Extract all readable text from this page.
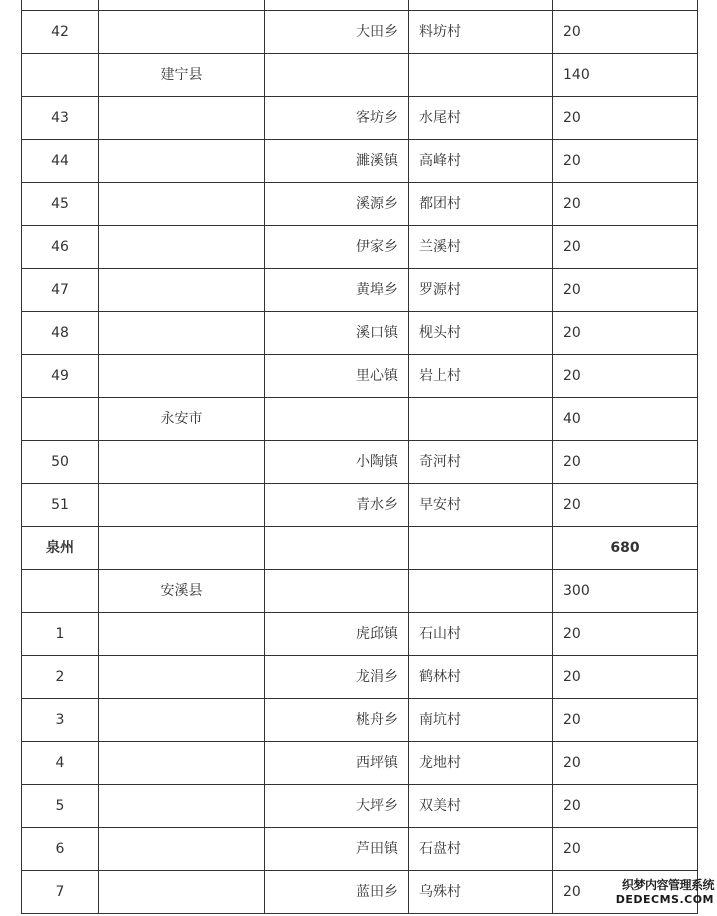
42		大田乡	料坊村	20
	建宁县			140
43		客坊乡	水尾村	20
44		濉溪镇	高峰村	20
45		溪源乡	都团村	20
46		伊家乡	兰溪村	20
47		黄埠乡	罗源村	20
48		溪口镇	枧头村	20
49		里心镇	岩上村	20
	永安市			40
50		小陶镇	奇河村	20
51		青水乡	早安村	20
泉州				680
	安溪县			300
1		虎邱镇	石山村	20
2		龙涓乡	鹤林村	20
3		桃舟乡	南坑村	20
4		西坪镇	龙地村	20
5		大坪乡	双美村	20
6		芦田镇	石盘村	20
7		蓝田乡	乌殊村	20	织梦内容管理系统
DEDECMS.COM
